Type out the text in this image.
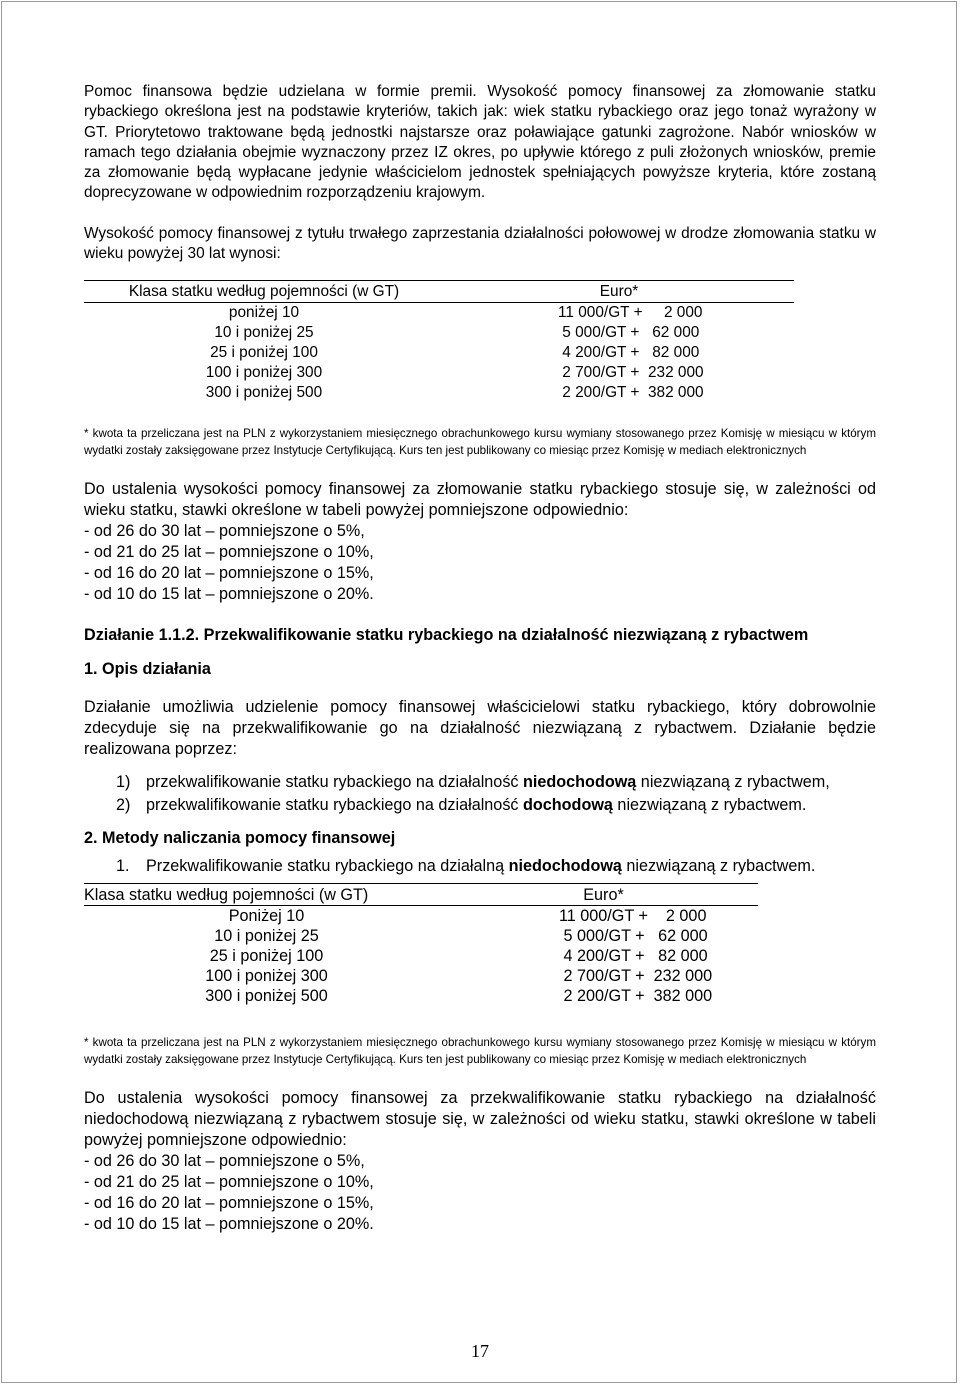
Pomoc finansowa będzie udzielana w formie premii. Wysokość pomocy finansowej za złomowanie statku rybackiego określona jest na podstawie kryteriów, takich jak: wiek statku rybackiego oraz jego tonaż wyrażony w GT. Priorytetowo traktowane będą jednostki najstarsze oraz poławiające gatunki zagrożone. Nabór wniosków w ramach tego działania obejmie wyznaczony przez IZ okres, po upływie którego z puli złożonych wniosków, premie za złomowanie będą wypłacane jedynie właścicielom jednostek spełniających powyższe kryteria, które zostaną doprecyzowane w odpowiednim rozporządzeniu krajowym.

Wysokość pomocy finansowej z tytułu trwałego zaprzestania działalności połowowej w drodze złomowania statku w wieku powyżej 30 lat wynosi:

Klasa statku według pojemności (w GT)	Euro*
poniżej 10	11 000/GT +     2 000
10 i poniżej 25	5 000/GT +   62 000
25 i poniżej 100	4 200/GT +   82 000
100 i poniżej 300	2 700/GT +  232 000
300 i poniżej 500	2 200/GT +  382 000

* kwota ta przeliczana jest na PLN z wykorzystaniem miesięcznego obrachunkowego kursu wymiany stosowanego przez Komisję w miesiącu w którym wydatki zostały zaksięgowane przez Instytucje Certyfikującą. Kurs ten jest publikowany co miesiąc przez Komisję w mediach elektronicznych

Do ustalenia wysokości pomocy finansowej za złomowanie statku rybackiego stosuje się, w zależności od wieku statku, stawki określone w tabeli powyżej pomniejszone odpowiednio:

- od 26 do 30 lat – pomniejszone o 5%,
- od 21 do 25 lat – pomniejszone o 10%,
- od 16 do 20 lat – pomniejszone o 15%,
- od 10 do 15 lat – pomniejszone o 20%.

Działanie 1.1.2. Przekwalifikowanie statku rybackiego na działalność niezwiązaną z rybactwem

1. Opis działania

Działanie umożliwia udzielenie pomocy finansowej właścicielowi statku rybackiego, który dobrowolnie zdecyduje się na przekwalifikowanie go na działalność niezwiązaną z rybactwem. Działanie będzie realizowana poprzez:

1) przekwalifikowanie statku rybackiego na działalność niedochodową niezwiązaną z rybactwem,
2) przekwalifikowanie statku rybackiego na działalność dochodową niezwiązaną z rybactwem.

2. Metody naliczania pomocy finansowej

1.	Przekwalifikowanie statku rybackiego na działalną niedochodową niezwiązaną z rybactwem.
Klasa statku według pojemności (w GT)	Euro*
Poniżej 10	11 000/GT +    2 000
10 i poniżej 25	5 000/GT +   62 000
25 i poniżej 100	4 200/GT +   82 000
100 i poniżej 300	2 700/GT +  232 000
300 i poniżej 500	2 200/GT +  382 000

* kwota ta przeliczana jest na PLN z wykorzystaniem miesięcznego obrachunkowego kursu wymiany stosowanego przez Komisję w miesiącu w którym wydatki zostały zaksięgowane przez Instytucje Certyfikującą. Kurs ten jest publikowany co miesiąc przez Komisję w mediach elektronicznych

Do ustalenia wysokości pomocy finansowej za przekwalifikowanie statku rybackiego na działalność niedochodową niezwiązaną z rybactwem stosuje się, w zależności od wieku statku, stawki określone w tabeli powyżej pomniejszone odpowiednio:

- od 26 do 30 lat – pomniejszone o 5%,
- od 21 do 25 lat – pomniejszone o 10%,
- od 16 do 20 lat – pomniejszone o 15%,
- od 10 do 15 lat – pomniejszone o 20%.
17
